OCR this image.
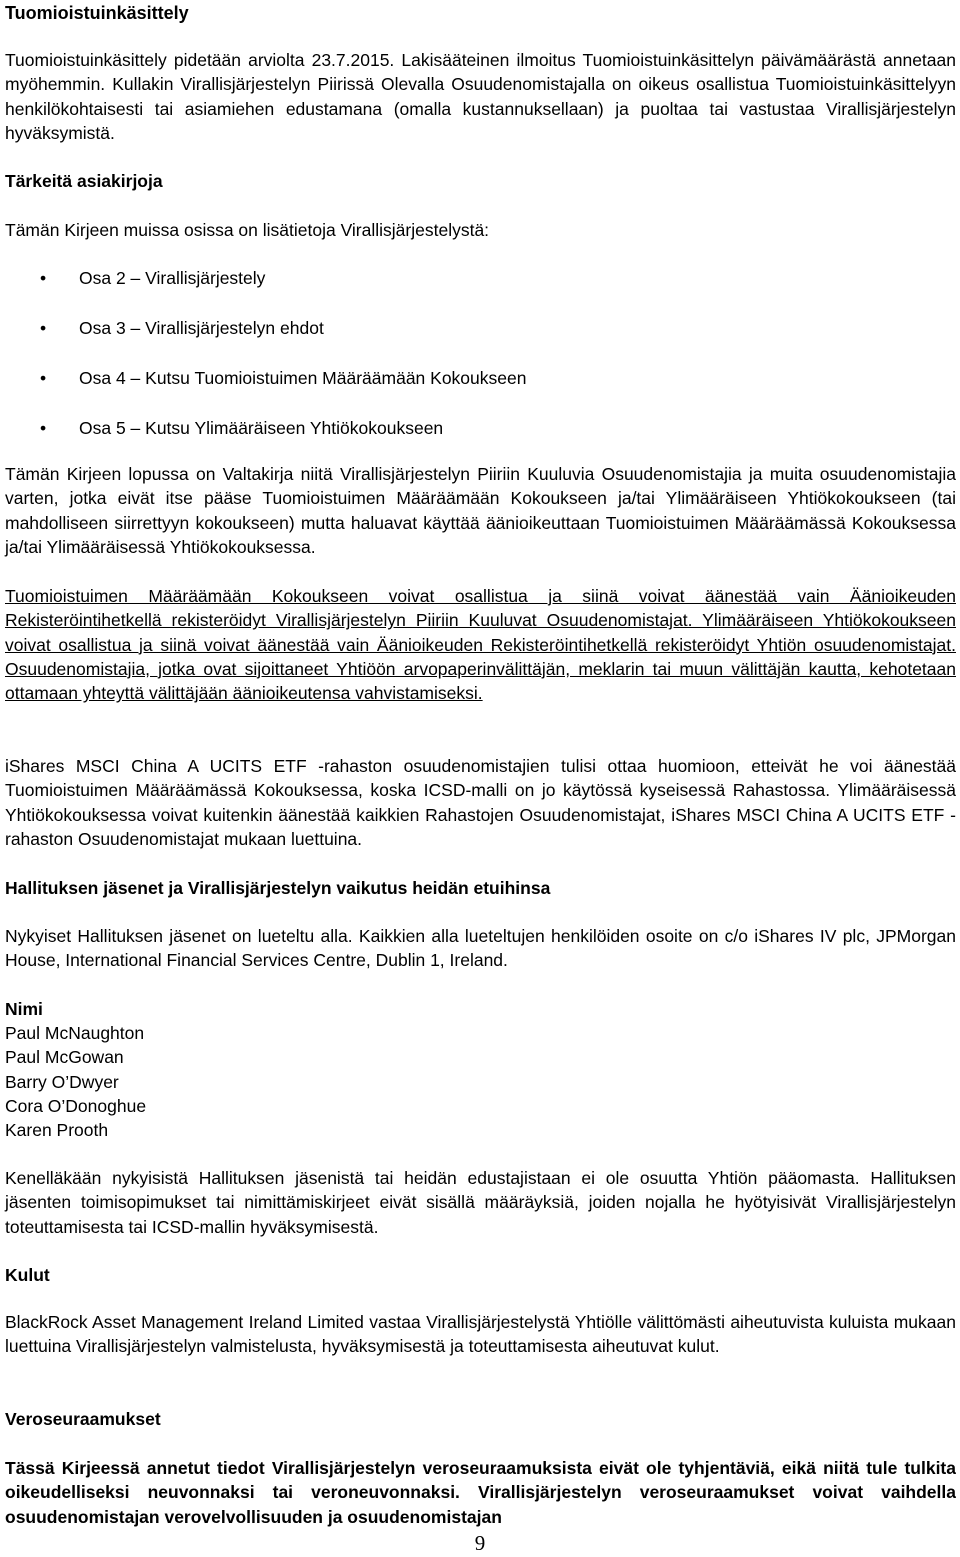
Tuomioistuinkäsittely

Tuomioistuinkäsittely pidetään arviolta 23.7.2015. Lakisääteinen ilmoitus Tuomioistuinkäsittelyn päivämäärästä annetaan myöhemmin. Kullakin Virallisjärjestelyn Piirissä Olevalla Osuudenomistajalla on oikeus osallistua Tuomioistuinkäsittelyyn henkilökohtaisesti tai asiamiehen edustamana (omalla kustannuksellaan) ja puoltaa tai vastustaa Virallisjärjestelyn hyväksymistä.

Tärkeitä asiakirjoja

Tämän Kirjeen muissa osissa on lisätietoja Virallisjärjestelystä:

• Osa 2 – Virallisjärjestely
• Osa 3 – Virallisjärjestelyn ehdot
• Osa 4 – Kutsu Tuomioistuimen Määräämään Kokoukseen
• Osa 5 – Kutsu Ylimääräiseen Yhtiökokoukseen

Tämän Kirjeen lopussa on Valtakirja niitä Virallisjärjestelyn Piiriin Kuuluvia Osuudenomistajia ja muita osuudenomistajia varten, jotka eivät itse pääse Tuomioistuimen Määräämään Kokoukseen ja/tai Ylimääräiseen Yhtiökokoukseen (tai mahdolliseen siirrettyyn kokoukseen) mutta haluavat käyttää äänioikeuttaan Tuomioistuimen Määräämässä Kokouksessa ja/tai Ylimääräisessä Yhtiökokouksessa.

Tuomioistuimen Määräämään Kokoukseen voivat osallistua ja siinä voivat äänestää vain Äänioikeuden Rekisteröintihetkellä rekisteröidyt Virallisjärjestelyn Piiriin Kuuluvat Osuudenomistajat. Ylimääräiseen Yhtiökokoukseen voivat osallistua ja siinä voivat äänestää vain Äänioikeuden Rekisteröintihetkellä rekisteröidyt Yhtiön osuudenomistajat. Osuudenomistajia, jotka ovat sijoittaneet Yhtiöön arvopaperinvälittäjän, meklarin tai muun välittäjän kautta, kehotetaan ottamaan yhteyttä välittäjään äänioikeutensa vahvistamiseksi.

iShares MSCI China A UCITS ETF -rahaston osuudenomistajien tulisi ottaa huomioon, etteivät he voi äänestää Tuomioistuimen Määräämässä Kokouksessa, koska ICSD-malli on jo käytössä kyseisessä Rahastossa. Ylimääräisessä Yhtiökokouksessa voivat kuitenkin äänestää kaikkien Rahastojen Osuudenomistajat, iShares MSCI China A UCITS ETF -rahaston Osuudenomistajat mukaan luettuina.

Hallituksen jäsenet ja Virallisjärjestelyn vaikutus heidän etuihinsa

Nykyiset Hallituksen jäsenet on lueteltu alla. Kaikkien alla lueteltujen henkilöiden osoite on c/o iShares IV plc, JPMorgan House, International Financial Services Centre, Dublin 1, Ireland.

Nimi
Paul McNaughton
Paul McGowan
Barry O’Dwyer
Cora O’Donoghue
Karen Prooth

Kenelläkään nykyisistä Hallituksen jäsenistä tai heidän edustajistaan ei ole osuutta Yhtiön pääomasta. Hallituksen jäsenten toimisopimukset tai nimittämiskirjeet eivät sisällä määräyksiä, joiden nojalla he hyötyisivät Virallisjärjestelyn toteuttamisesta tai ICSD-mallin hyväksymisestä.

Kulut

BlackRock Asset Management Ireland Limited vastaa Virallisjärjestelystä Yhtiölle välittömästi aiheutuvista kuluista mukaan luettuina Virallisjärjestelyn valmistelusta, hyväksymisestä ja toteuttamisesta aiheutuvat kulut.

Veroseuraamukset

Tässä Kirjeessä annetut tiedot Virallisjärjestelyn veroseuraamuksista eivät ole tyhjentäviä, eikä niitä tule tulkita oikeudelliseksi neuvonnaksi tai veroneuvonnaksi. Virallisjärjestelyn veroseuraamukset voivat vaihdella osuudenomistajan verovelvollisuuden ja osuudenomistajan

9
